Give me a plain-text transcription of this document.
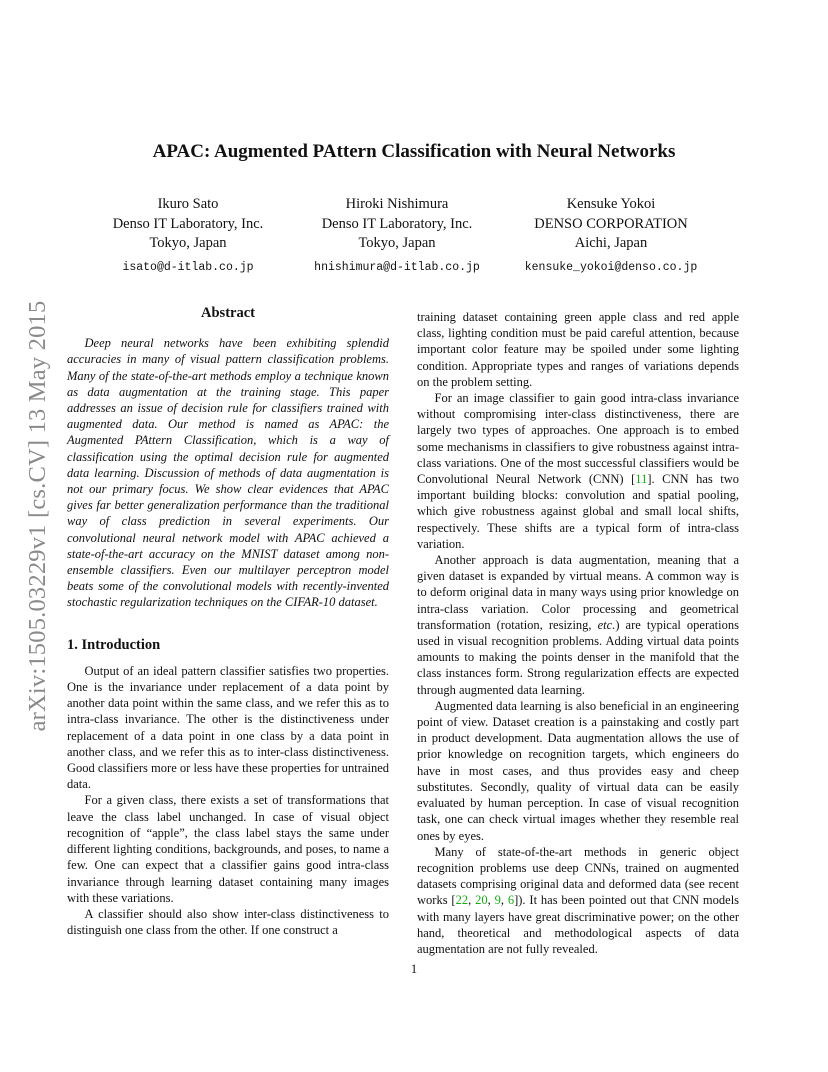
arXiv:1505.03229v1 [cs.CV] 13 May 2015
APAC: Augmented PAttern Classification with Neural Networks
Ikuro Sato
Denso IT Laboratory, Inc.
Tokyo, Japan
isato@d-itlab.co.jp
Hiroki Nishimura
Denso IT Laboratory, Inc.
Tokyo, Japan
hnishimura@d-itlab.co.jp
Kensuke Yokoi
DENSO CORPORATION
Aichi, Japan
kensuke_yokoi@denso.co.jp
Abstract

Deep neural networks have been exhibiting splendid accuracies in many of visual pattern classification problems. Many of the state-of-the-art methods employ a technique known as data augmentation at the training stage. This paper addresses an issue of decision rule for classifiers trained with augmented data. Our method is named as APAC: the Augmented PAttern Classification, which is a way of classification using the optimal decision rule for augmented data learning. Discussion of methods of data augmentation is not our primary focus. We show clear evidences that APAC gives far better generalization performance than the traditional way of class prediction in several experiments. Our convolutional neural network model with APAC achieved a state-of-the-art accuracy on the MNIST dataset among non-ensemble classifiers. Even our multilayer perceptron model beats some of the convolutional models with recently-invented stochastic regularization techniques on the CIFAR-10 dataset.

1. Introduction

Output of an ideal pattern classifier satisfies two properties. One is the invariance under replacement of a data point by another data point within the same class, and we refer this as to intra-class invariance. The other is the distinctiveness under replacement of a data point in one class by a data point in another class, and we refer this as to inter-class distinctiveness. Good classifiers more or less have these properties for untrained data.

For a given class, there exists a set of transformations that leave the class label unchanged. In case of visual object recognition of “apple”, the class label stays the same under different lighting conditions, backgrounds, and poses, to name a few. One can expect that a classifier gains good intra-class invariance through learning dataset containing many images with these variations.

A classifier should also show inter-class distinctiveness to distinguish one class from the other. If one construct a

training dataset containing green apple class and red apple class, lighting condition must be paid careful attention, because important color feature may be spoiled under some lighting condition. Appropriate types and ranges of variations depends on the problem setting.

For an image classifier to gain good intra-class invariance without compromising inter-class distinctiveness, there are largely two types of approaches. One approach is to embed some mechanisms in classifiers to give robustness against intra-class variations. One of the most successful classifiers would be Convolutional Neural Network (CNN) [11]. CNN has two important building blocks: convolution and spatial pooling, which give robustness against global and small local shifts, respectively. These shifts are a typical form of intra-class variation.

Another approach is data augmentation, meaning that a given dataset is expanded by virtual means. A common way is to deform original data in many ways using prior knowledge on intra-class variation. Color processing and geometrical transformation (rotation, resizing, etc.) are typical operations used in visual recognition problems. Adding virtual data points amounts to making the points denser in the manifold that the class instances form. Strong regularization effects are expected through augmented data learning.

Augmented data learning is also beneficial in an engineering point of view. Dataset creation is a painstaking and costly part in product development. Data augmentation allows the use of prior knowledge on recognition targets, which engineers do have in most cases, and thus provides easy and cheep substitutes. Secondly, quality of virtual data can be easily evaluated by human perception. In case of visual recognition task, one can check virtual images whether they resemble real ones by eyes.

Many of state-of-the-art methods in generic object recognition problems use deep CNNs, trained on augmented datasets comprising original data and deformed data (see recent works [22, 20, 9, 6]). It has been pointed out that CNN models with many layers have great discriminative power; on the other hand, theoretical and methodological aspects of data augmentation are not fully revealed.

1
